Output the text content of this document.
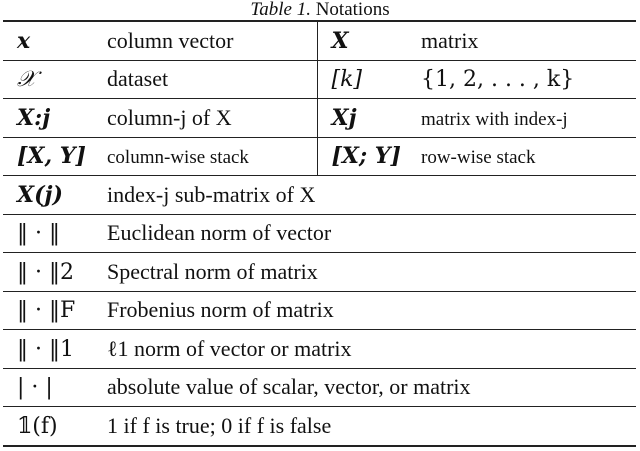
Table 1. Notations
x	column vector	X	matrix
𝒳	dataset	[k]	{1, 2, . . . , k}
X:j	column-j of X	Xj	matrix with index-j
[X, Y]	column-wise stack	[X; Y]	row-wise stack
X(j)	index-j sub-matrix of X		
‖ · ‖	Euclidean norm of vector		
‖ · ‖2	Spectral norm of matrix		
‖ · ‖F	Frobenius norm of matrix		
‖ · ‖1	ℓ1 norm of vector or matrix		
| · |	absolute value of scalar, vector, or matrix		
𝟙(f)	1 if f is true; 0 if f is false		
